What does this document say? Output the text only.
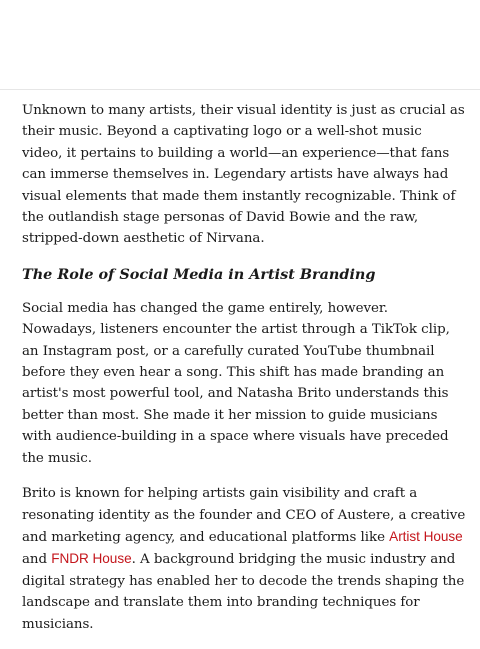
Unknown to many artists, their visual identity is just as crucial as their music. Beyond a captivating logo or a well-shot music video, it pertains to building a world—an experience—that fans can immerse themselves in. Legendary artists have always had visual elements that made them instantly recognizable. Think of the outlandish stage personas of David Bowie and the raw, stripped-down aesthetic of Nirvana.

The Role of Social Media in Artist Branding

Social media has changed the game entirely, however. Nowadays, listeners encounter the artist through a TikTok clip, an Instagram post, or a carefully curated YouTube thumbnail before they even hear a song. This shift has made branding an artist's most powerful tool, and Natasha Brito understands this better than most. She made it her mission to guide musicians with audience-building in a space where visuals have preceded the music.

Brito is known for helping artists gain visibility and craft a resonating identity as the founder and CEO of Austere, a creative and marketing agency, and educational platforms like Artist House and FNDR House. A background bridging the music industry and digital strategy has enabled her to decode the trends shaping the landscape and translate them into branding techniques for musicians.
